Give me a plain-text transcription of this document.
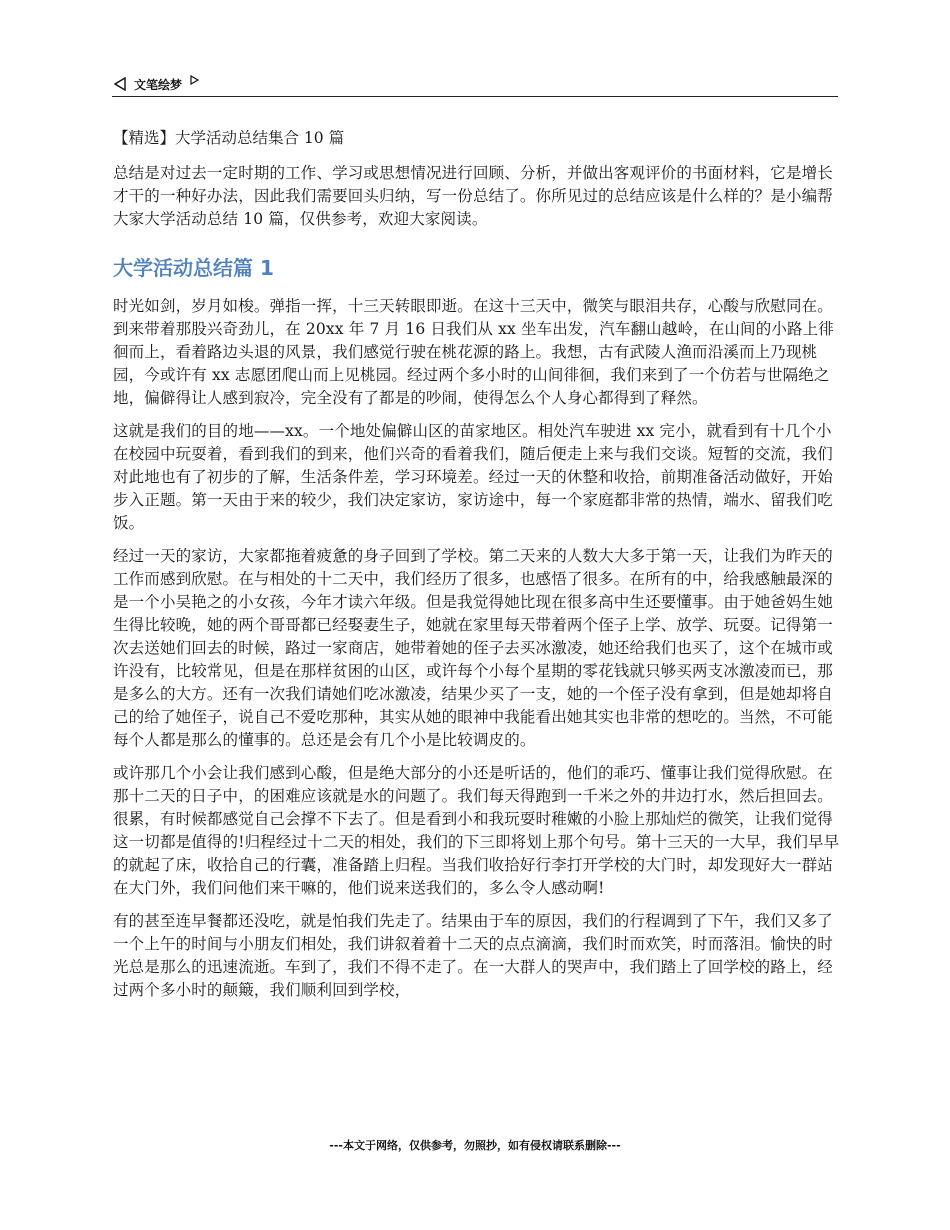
文笔绘梦
【精选】大学活动总结集合 10 篇

总结是对过去一定时期的工作、学习或思想情况进行回顾、分析，并做出客观评价的书面材料，它是增长才干的一种好办法，因此我们需要回头归纳，写一份总结了。你所见过的总结应该是什么样的？是小编帮大家大学活动总结 10 篇，仅供参考，欢迎大家阅读。

大学活动总结篇 1

时光如剑，岁月如梭。弹指一挥，十三天转眼即逝。在这十三天中，微笑与眼泪共存，心酸与欣慰同在。到来带着那股兴奇劲儿，在 20xx 年 7 月 16 日我们从 xx 坐车出发，汽车翻山越岭，在山间的小路上徘徊而上，看着路边头退的风景，我们感觉行驶在桃花源的路上。我想，古有武陵人渔而沿溪而上乃现桃园，今或许有 xx 志愿团爬山而上见桃园。经过两个多小时的山间徘徊，我们来到了一个仿若与世隔绝之地，偏僻得让人感到寂冷，完全没有了都是的吵闹，使得怎么个人身心都得到了释然。

这就是我们的目的地——xx。一个地处偏僻山区的苗家地区。相处汽车驶进 xx 完小，就看到有十几个小在校园中玩耍着，看到我们的到来，他们兴奇的看着我们，随后便走上来与我们交谈。短暂的交流，我们对此地也有了初步的了解，生活条件差，学习环境差。经过一天的休整和收拾，前期准备活动做好，开始步入正题。第一天由于来的较少，我们决定家访，家访途中，每一个家庭都非常的热情，端水、留我们吃饭。

经过一天的家访，大家都拖着疲惫的身子回到了学校。第二天来的人数大大多于第一天，让我们为昨天的工作而感到欣慰。在与相处的十二天中，我们经历了很多，也感悟了很多。在所有的中，给我感触最深的是一个小吴艳之的小女孩，今年才读六年级。但是我觉得她比现在很多高中生还要懂事。由于她爸妈生她生得比较晚，她的两个哥哥都已经娶妻生子，她就在家里每天带着两个侄子上学、放学、玩耍。记得第一次去送她们回去的时候，路过一家商店，她带着她的侄子去买冰激凌，她还给我们也买了，这个在城市或许没有，比较常见，但是在那样贫困的山区，或许每个小每个星期的零花钱就只够买两支冰激凌而已，那是多么的大方。还有一次我们请她们吃冰激凌，结果少买了一支，她的一个侄子没有拿到，但是她却将自己的给了她侄子，说自己不爱吃那种，其实从她的眼神中我能看出她其实也非常的想吃的。当然，不可能每个人都是那么的懂事的。总还是会有几个小是比较调皮的。

或许那几个小会让我们感到心酸，但是绝大部分的小还是听话的，他们的乖巧、懂事让我们觉得欣慰。在那十二天的日子中，的困难应该就是水的问题了。我们每天得跑到一千米之外的井边打水，然后担回去。很累，有时候都感觉自己会撑不下去了。但是看到小和我玩耍时稚嫩的小脸上那灿烂的微笑，让我们觉得这一切都是值得的!归程经过十二天的相处，我们的下三即将划上那个句号。第十三天的一大早，我们早早的就起了床，收拾自己的行囊，准备踏上归程。当我们收拾好行李打开学校的大门时，却发现好大一群站在大门外，我们问他们来干嘛的，他们说来送我们的，多么令人感动啊!

有的甚至连早餐都还没吃，就是怕我们先走了。结果由于车的原因，我们的行程调到了下午，我们又多了一个上午的时间与小朋友们相处，我们讲叙着着十二天的点点滴滴，我们时而欢笑，时而落泪。愉快的时光总是那么的迅速流逝。车到了，我们不得不走了。在一大群人的哭声中，我们踏上了回学校的路上，经过两个多小时的颠簸，我们顺利回到学校，

---本文于网络，仅供参考，勿照抄，如有侵权请联系删除---
